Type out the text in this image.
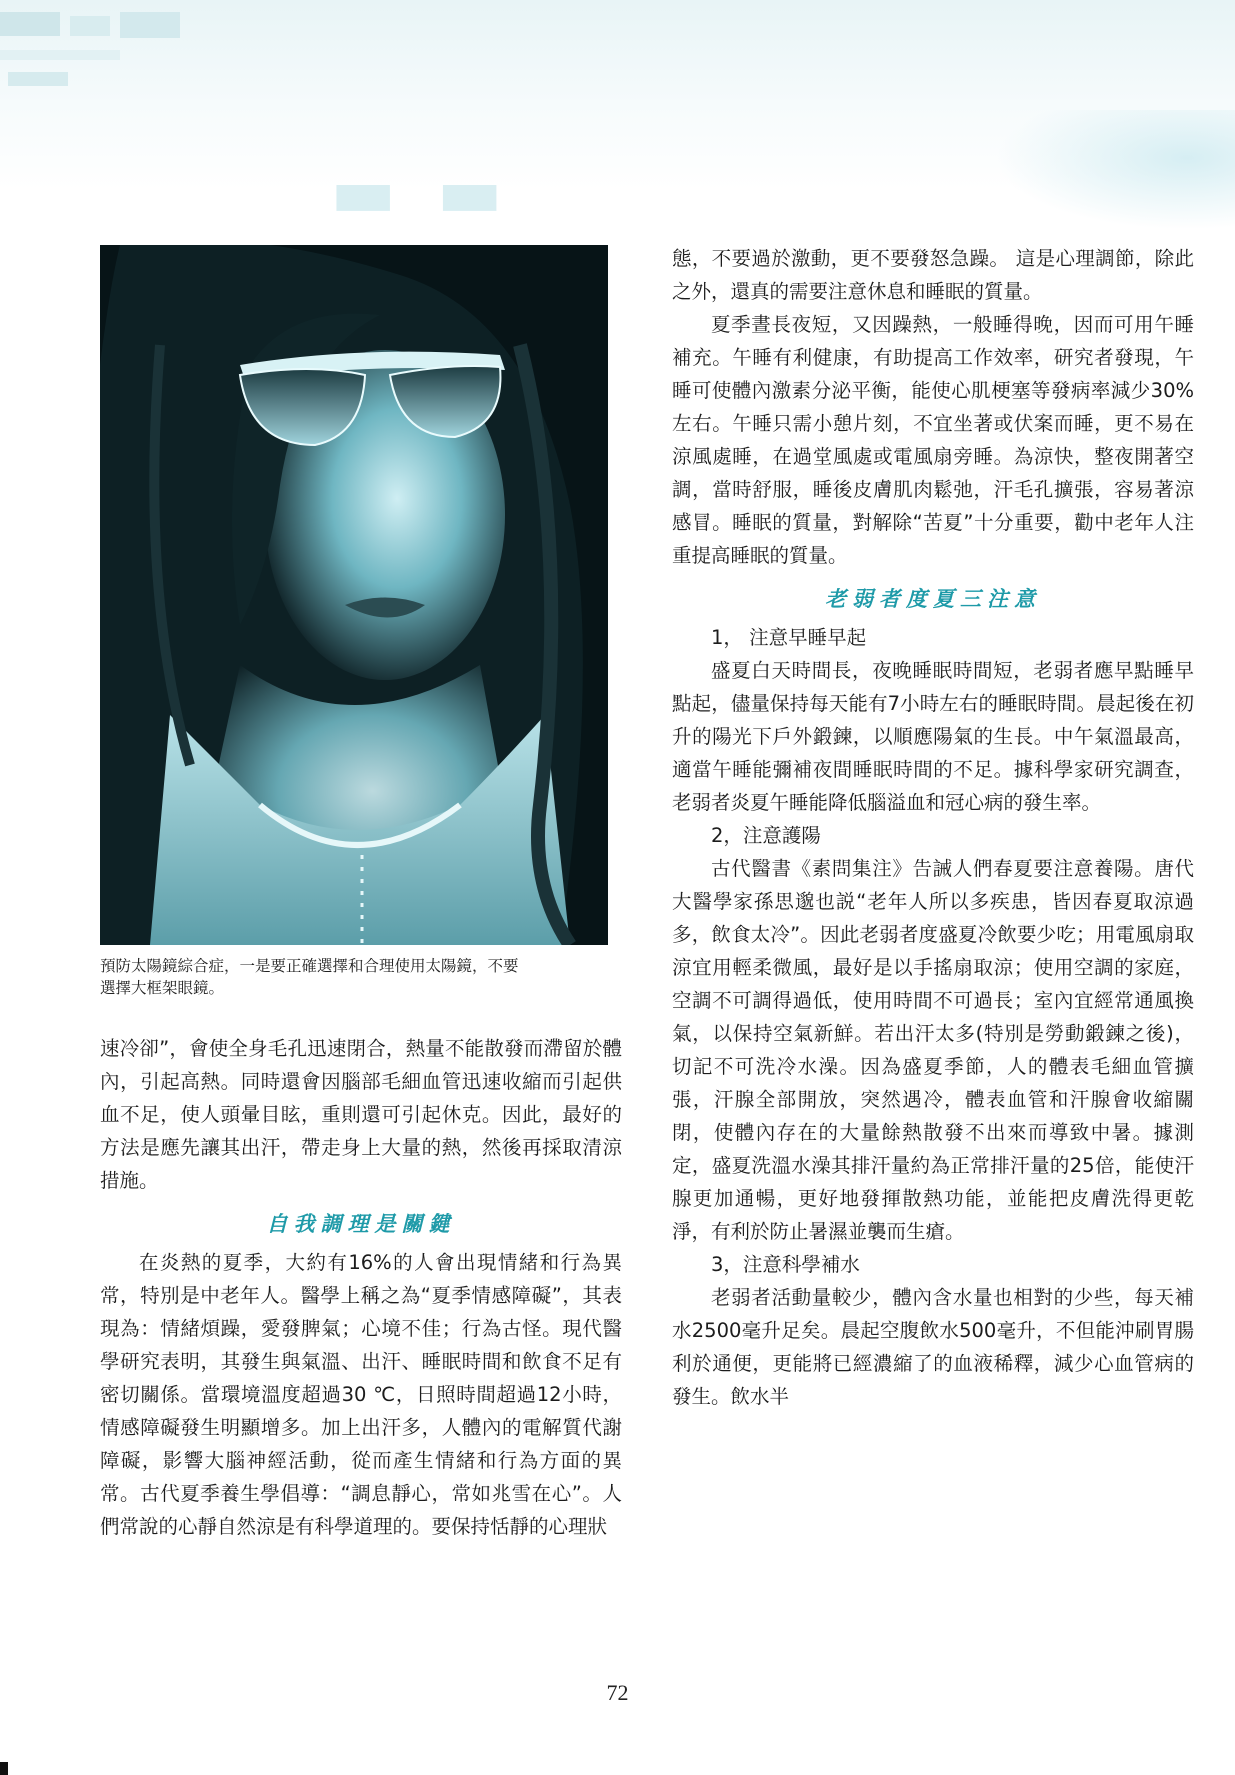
▬ ▬
預防太陽鏡綜合症，一是要正確選擇和合理使用太陽鏡，不要
選擇大框架眼鏡。

速冷卻”，會使全身毛孔迅速閉合，熱量不能散發而滯留於體內，引起高熱。同時還會因腦部毛細血管迅速收縮而引起供血不足，使人頭暈目眩，重則還可引起休克。因此，最好的方法是應先讓其出汗，帶走身上大量的熱，然後再採取清涼措施。

自我調理是關鍵

在炎熱的夏季，大約有16%的人會出現情緒和行為異常，特別是中老年人。醫學上稱之為“夏季情感障礙”，其表現為：情緒煩躁，愛發脾氣；心境不佳；行為古怪。現代醫學研究表明，其發生與氣溫、出汗、睡眠時間和飲食不足有密切關係。當環境溫度超過30 ℃，日照時間超過12小時，情感障礙發生明顯增多。加上出汗多，人體內的電解質代謝障礙，影響大腦神經活動，從而產生情緒和行為方面的異常。古代夏季養生學倡導：“調息靜心，常如兆雪在心”。人們常說的心靜自然涼是有科學道理的。要保持恬靜的心理狀

態，不要過於激動，更不要發怒急躁。 這是心理調節，除此之外，還真的需要注意休息和睡眠的質量。

夏季晝長夜短，又因躁熱，一般睡得晚，因而可用午睡補充。午睡有利健康，有助提高工作效率，研究者發現，午睡可使體內激素分泌平衡，能使心肌梗塞等發病率減少30%左右。午睡只需小憩片刻，不宜坐著或伏案而睡，更不易在涼風處睡，在過堂風處或電風扇旁睡。為涼快，整夜開著空調，當時舒服，睡後皮膚肌肉鬆弛，汗毛孔擴張，容易著涼感冒。睡眠的質量，對解除“苦夏”十分重要，勸中老年人注重提高睡眠的質量。

老弱者度夏三注意

1， 注意早睡早起

盛夏白天時間長，夜晚睡眠時間短，老弱者應早點睡早點起，儘量保持每天能有7小時左右的睡眠時間。晨起後在初升的陽光下戶外鍛鍊，以順應陽氣的生長。中午氣溫最高，適當午睡能彌補夜間睡眠時間的不足。據科學家研究調查，老弱者炎夏午睡能降低腦溢血和冠心病的發生率。

2，注意護陽

古代醫書《素問集注》告誡人們春夏要注意養陽。唐代大醫學家孫思邈也説“老年人所以多疾患，皆因春夏取涼過多，飲食太冷”。因此老弱者度盛夏冷飲要少吃；用電風扇取涼宜用輕柔微風，最好是以手搖扇取涼；使用空調的家庭，空調不可調得過低，使用時間不可過長；室內宜經常通風換氣，以保持空氣新鮮。若出汗太多(特別是勞動鍛鍊之後)，切記不可洗冷水澡。因為盛夏季節，人的體表毛細血管擴張，汗腺全部開放，突然遇冷，體表血管和汗腺會收縮關閉，使體內存在的大量餘熱散發不出來而導致中暑。據測定，盛夏洗溫水澡其排汗量約為正常排汗量的25倍，能使汗腺更加通暢，更好地發揮散熱功能，並能把皮膚洗得更乾淨，有利於防止暑濕並襲而生瘡。

3，注意科學補水

老弱者活動量較少，體內含水量也相對的少些，每天補水2500毫升足矣。晨起空腹飲水500毫升，不但能沖刷胃腸利於通便，更能將已經濃縮了的血液稀釋，減少心血管病的發生。飲水半

72
